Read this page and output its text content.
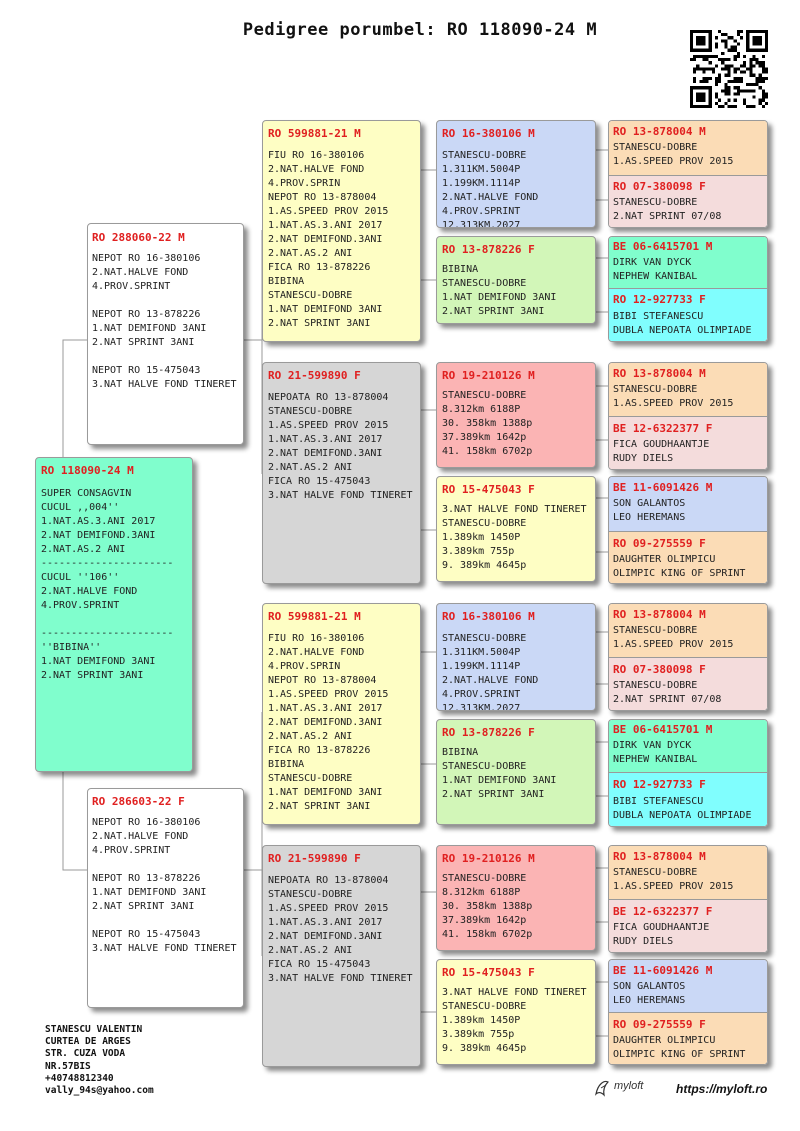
Pedigree porumbel: RO 118090-24 M
RO 118090-24 M
SUPER CONSAGVIN
CUCUL ,,004''
1.NAT.AS.3.ANI 2017
2.NAT DEMIFOND.3ANI
2.NAT.AS.2 ANI
----------------------
CUCUL ''106''
2.NAT.HALVE FOND
4.PROV.SPRINT

----------------------
''BIBINA''
1.NAT DEMIFOND 3ANI
2.NAT SPRINT 3ANI
RO 288060-22 M
NEPOT RO 16-380106
2.NAT.HALVE FOND
4.PROV.SPRINT

NEPOT RO 13-878226
1.NAT DEMIFOND 3ANI
2.NAT SPRINT 3ANI

NEPOT RO 15-475043
3.NAT HALVE FOND TINERET
RO 286603-22 F
NEPOT RO 16-380106
2.NAT.HALVE FOND
4.PROV.SPRINT

NEPOT RO 13-878226
1.NAT DEMIFOND 3ANI
2.NAT SPRINT 3ANI

NEPOT RO 15-475043
3.NAT HALVE FOND TINERET
RO 599881-21 M
FIU RO 16-380106
2.NAT.HALVE FOND
4.PROV.SPRIN
NEPOT RO 13-878004
1.AS.SPEED PROV 2015
1.NAT.AS.3.ANI 2017
2.NAT DEMIFOND.3ANI
2.NAT.AS.2 ANI
FICA RO 13-878226
BIBINA
STANESCU-DOBRE
1.NAT DEMIFOND 3ANI
2.NAT SPRINT 3ANI
RO 21-599890 F
NEPOATA RO 13-878004
STANESCU-DOBRE
1.AS.SPEED PROV 2015
1.NAT.AS.3.ANI 2017
2.NAT DEMIFOND.3ANI
2.NAT.AS.2 ANI
FICA RO 15-475043
3.NAT HALVE FOND TINERET
RO 599881-21 M
FIU RO 16-380106
2.NAT.HALVE FOND
4.PROV.SPRIN
NEPOT RO 13-878004
1.AS.SPEED PROV 2015
1.NAT.AS.3.ANI 2017
2.NAT DEMIFOND.3ANI
2.NAT.AS.2 ANI
FICA RO 13-878226
BIBINA
STANESCU-DOBRE
1.NAT DEMIFOND 3ANI
2.NAT SPRINT 3ANI
RO 21-599890 F
NEPOATA RO 13-878004
STANESCU-DOBRE
1.AS.SPEED PROV 2015
1.NAT.AS.3.ANI 2017
2.NAT DEMIFOND.3ANI
2.NAT.AS.2 ANI
FICA RO 15-475043
3.NAT HALVE FOND TINERET
RO 16-380106 M
STANESCU-DOBRE
1.311KM.5004P
1.199KM.1114P
2.NAT.HALVE FOND
4.PROV.SPRINT
12.313KM.2027
RO 13-878226 F
BIBINA
STANESCU-DOBRE
1.NAT DEMIFOND 3ANI
2.NAT SPRINT 3ANI
RO 19-210126 M
STANESCU-DOBRE
8.312km 6188P
30. 358km 1388p
37.389km 1642p
41. 158km 6702p
RO 15-475043 F
3.NAT HALVE FOND TINERET
STANESCU-DOBRE
1.389km 1450P
3.389km 755p
9. 389km 4645p
RO 16-380106 M
STANESCU-DOBRE
1.311KM.5004P
1.199KM.1114P
2.NAT.HALVE FOND
4.PROV.SPRINT
12.313KM.2027
RO 13-878226 F
BIBINA
STANESCU-DOBRE
1.NAT DEMIFOND 3ANI
2.NAT SPRINT 3ANI
RO 19-210126 M
STANESCU-DOBRE
8.312km 6188P
30. 358km 1388p
37.389km 1642p
41. 158km 6702p
RO 15-475043 F
3.NAT HALVE FOND TINERET
STANESCU-DOBRE
1.389km 1450P
3.389km 755p
9. 389km 4645p
RO 13-878004 M
STANESCU-DOBRE
1.AS.SPEED PROV 2015
RO 07-380098 F
STANESCU-DOBRE
2.NAT SPRINT 07/08
BE 06-6415701 M
DIRK VAN DYCK
NEPHEW KANIBAL
RO 12-927733 F
BIBI STEFANESCU
DUBLA NEPOATA OLIMPIADE
RO 13-878004 M
STANESCU-DOBRE
1.AS.SPEED PROV 2015
BE 12-6322377 F
FICA GOUDHAANTJE
RUDY DIELS
BE 11-6091426 M
SON GALANTOS
LEO HEREMANS
RO 09-275559 F
DAUGHTER OLIMPICU
OLIMPIC KING OF SPRINT
RO 13-878004 M
STANESCU-DOBRE
1.AS.SPEED PROV 2015
RO 07-380098 F
STANESCU-DOBRE
2.NAT SPRINT 07/08
BE 06-6415701 M
DIRK VAN DYCK
NEPHEW KANIBAL
RO 12-927733 F
BIBI STEFANESCU
DUBLA NEPOATA OLIMPIADE
RO 13-878004 M
STANESCU-DOBRE
1.AS.SPEED PROV 2015
BE 12-6322377 F
FICA GOUDHAANTJE
RUDY DIELS
BE 11-6091426 M
SON GALANTOS
LEO HEREMANS
RO 09-275559 F
DAUGHTER OLIMPICU
OLIMPIC KING OF SPRINT
STANESCU VALENTIN
CURTEA DE ARGES
STR. CUZA VODA
NR.57BIS
+40748812340
vally_94s@yahoo.com	myloft	https://myloft.ro
